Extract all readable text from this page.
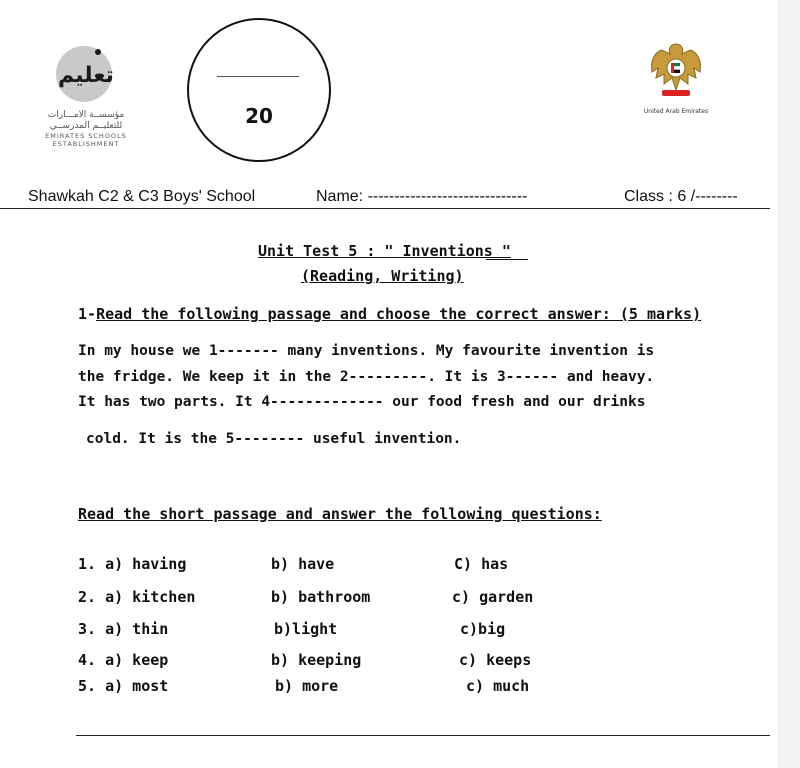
تعليم
مؤسســة الامـــارات
للتعليــم المدرســي
EMIRATES SCHOOLS
ESTABLISHMENT
20	United Arab Emirates
Shawkah C2 & C3 Boys' School	Name: ------------------------------	Class : 6 /--------
Unit Test 5 : " Inventions "
(Reading, Writing)
1-Read the following passage and choose the correct answer: (5 marks)
In my house we 1------- many inventions. My favourite invention is
the fridge. We keep it in the 2---------. It is 3------ and heavy.
It has two parts. It 4------------- our food fresh and our drinks
cold. It is the 5-------- useful invention.
Read the short passage and answer the following questions:
1. a) having	b) have	C) has
2. a) kitchen	b) bathroom	c) garden
3. a) thin	b)light	c)big
4. a) keep	b) keeping	c) keeps
5. a) most	b) more	c) much
